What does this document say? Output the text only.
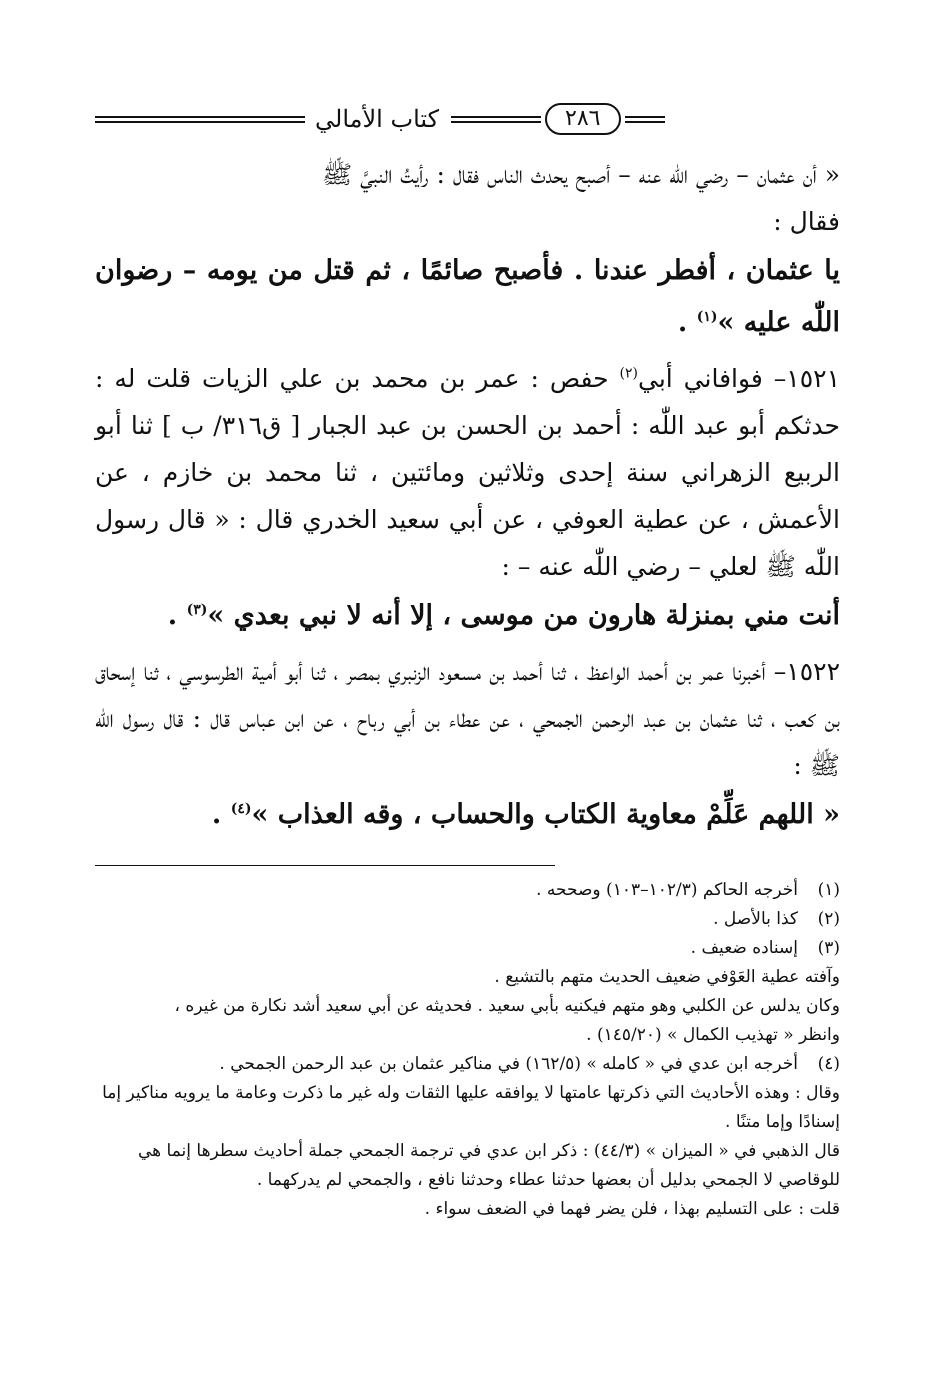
كتاب الأمالي	٢٨٦

« أن عثمان – رضي اللّٰه عنه – أصبح يحدث الناس فقال : رأيتُ النبيَّ ﷺ
فقال :

يا عثمان ، أفطر عندنا . فأصبح صائمًا ، ثم قتل من يومه – رضوان اللّٰه عليه »$^{(١)}$ .

١٥٢١– فوافاني أبي$^{(٢)}$ حفص : عمر بن محمد بن علي الزيات قلت له : حدثكم أبو عبد اللّٰه : أحمد بن الحسن بن عبد الجبار [ ق٣١٦/ ب ] ثنا أبو الربيع الزهراني سنة إحدى وثلاثين ومائتين ، ثنا محمد بن خازم ، عن الأعمش ، عن عطية العوفي ، عن أبي سعيد الخدري قال : « قال رسول اللّٰه ﷺ لعلي – رضي اللّٰه عنه – :

أنت مني بمنزلة هارون من موسى ، إلا أنه لا نبي بعدي »$^{(٣)}$ .

١٥٢٢– أخبرنا عمر بن أحمد الواعظ ، ثنا أحمد بن مسعود الزنبري بمصر ، ثنا أبو أمية الطرسوسي ، ثنا إسحاق بن كعب ، ثنا عثمان بن عبد الرحمن الجمحي ، عن عطاء بن أبي رباح ، عن ابن عباس قال : قال رسول اللّٰه ﷺ :

« اللهم عَلِّمْ معاوية الكتاب والحساب ، وقه العذاب »$^{(٤)}$ .

(١)

أخرجه الحاكم (١٠٢/٣–١٠٣) وصححه .

(٢)

كذا بالأصل .

(٣)

إسناده ضعيف .

وآفته عطية العَوْفي ضعيف الحديث متهم بالتشيع .

وكان يدلس عن الكلبي وهو متهم فيكنيه بأبي سعيد . فحديثه عن أبي سعيد أشد نكارة من غيره ،

وانظر « تهذيب الكمال » (١٤٥/٢٠) .

(٤)

أخرجه ابن عدي في « كامله » (١٦٢/٥) في مناكير عثمان بن عبد الرحمن الجمحي .

وقال : وهذه الأحاديث التي ذكرتها عامتها لا يوافقه عليها الثقات وله غير ما ذكرت وعامة ما يرويه مناكير إما إسنادًا وإما متنًا .

قال الذهبي في « الميزان » (٤٤/٣) : ذكر ابن عدي في ترجمة الجمحي جملة أحاديث سطرها إنما هي للوقاصي لا الجمحي بدليل أن بعضها حدثنا عطاء وحدثنا نافع ، والجمحي لم يدركهما .

قلت : على التسليم بهذا ، فلن يضر فهما في الضعف سواء .
